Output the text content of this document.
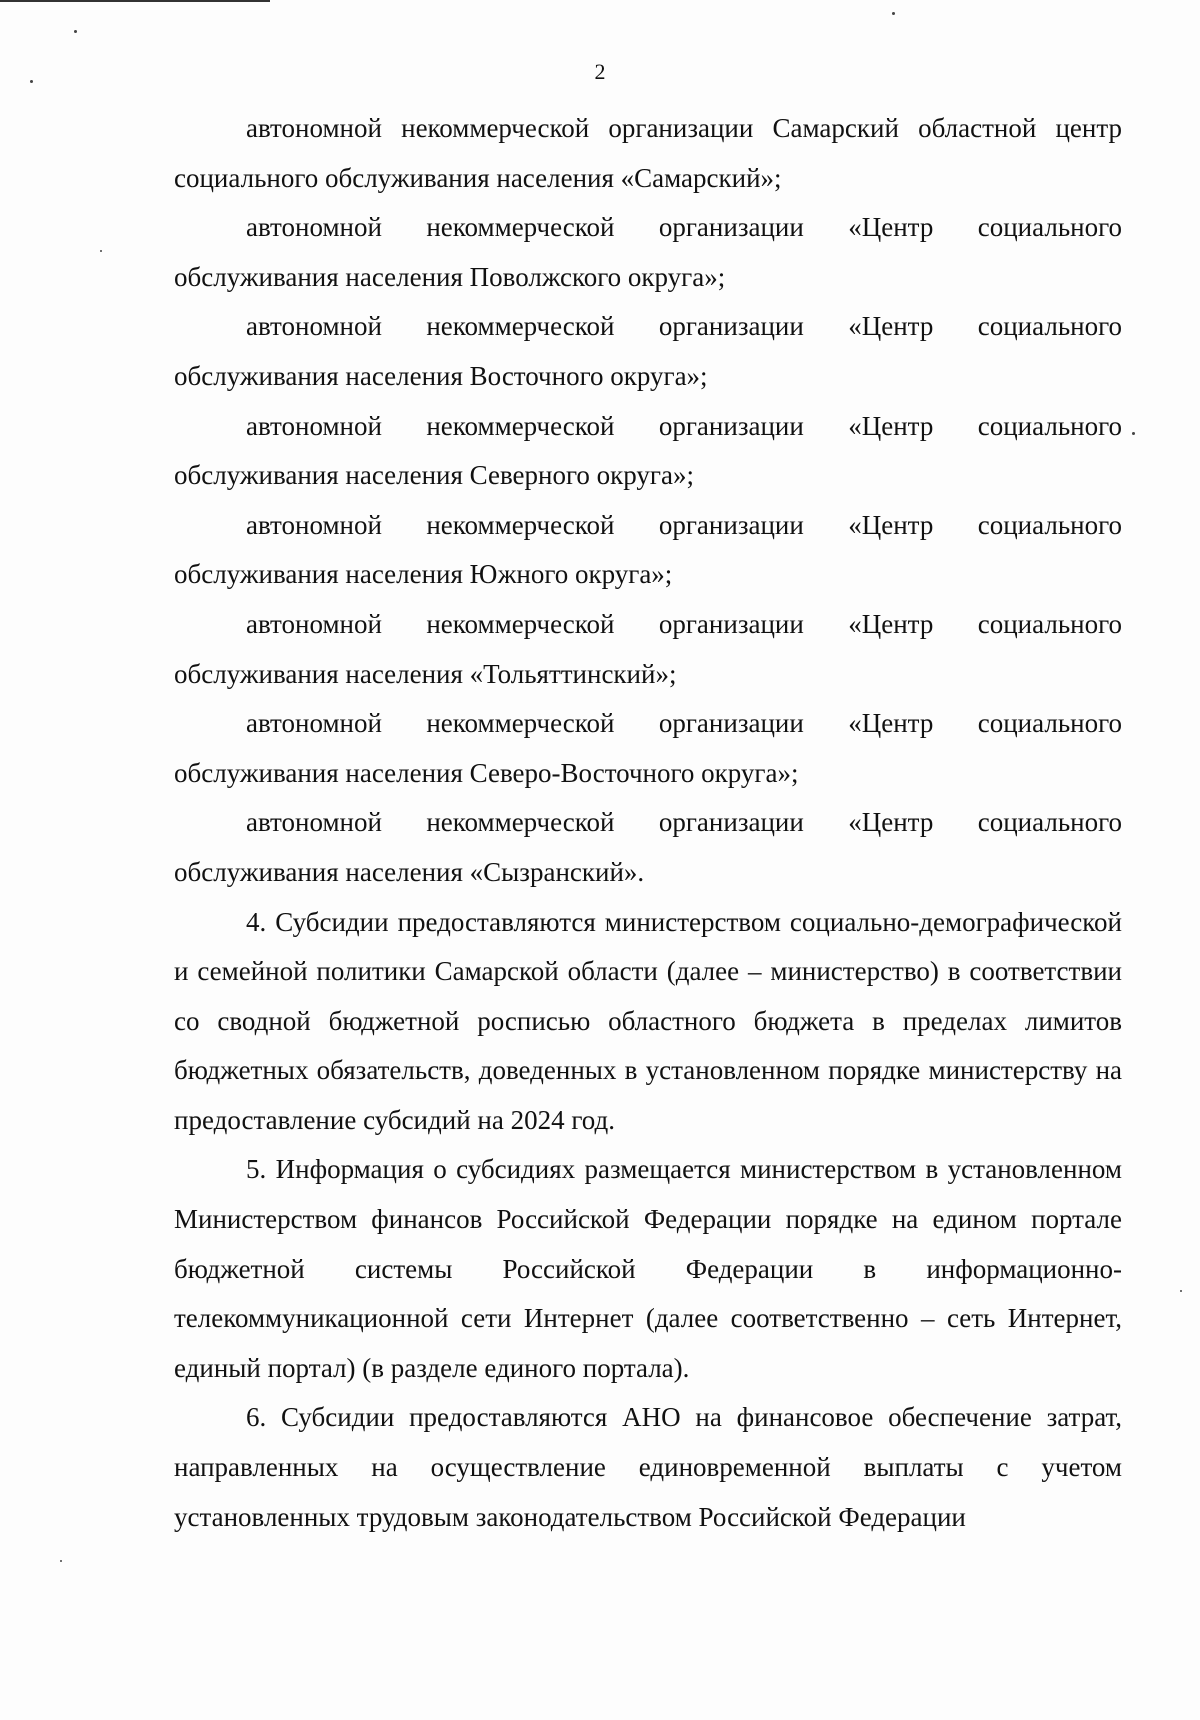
2

автономной некоммерческой организации Самарский областной центр социального обслуживания населения «Самарский»;

автономной некоммерческой организации «Центр социального обслуживания населения Поволжского округа»;

автономной некоммерческой организации «Центр социального обслуживания населения Восточного округа»;

автономной некоммерческой организации «Центр социального обслуживания населения Северного округа»;

автономной некоммерческой организации «Центр социального обслуживания населения Южного округа»;

автономной некоммерческой организации «Центр социального обслуживания населения «Тольяттинский»;

автономной некоммерческой организации «Центр социального обслуживания населения Северо-Восточного округа»;

автономной некоммерческой организации «Центр социального обслуживания населения «Сызранский».

4. Субсидии предоставляются министерством социально-демографической и семейной политики Самарской области (далее – министерство) в соответствии со сводной бюджетной росписью областного бюджета в пределах лимитов бюджетных обязательств, доведенных в установленном порядке министерству на предоставление субсидий на 2024 год.

5. Информация о субсидиях размещается министерством в установленном Министерством финансов Российской Федерации порядке на едином портале бюджетной системы Российской Федерации в информационно-телекоммуникационной сети Интернет (далее соответственно – сеть Интернет, единый портал) (в разделе единого портала).

6. Субсидии предоставляются АНО на финансовое обеспечение затрат, направленных на осуществление единовременной выплаты с учетом установленных трудовым законодательством Российской Федерации
